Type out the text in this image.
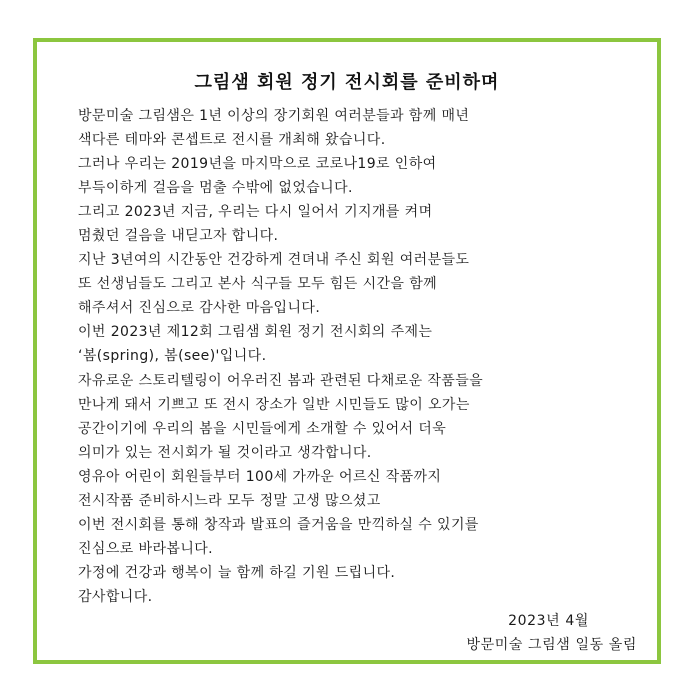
그림샘 회원 정기 전시회를 준비하며
방문미술 그림샘은 1년 이상의 장기회원 여러분들과 함께 매년
색다른 테마와 콘셉트로 전시를 개최해 왔습니다.
그러나 우리는 2019년을 마지막으로 코로나19로 인하여
부득이하게 걸음을 멈출 수밖에 없었습니다.
그리고 2023년 지금, 우리는 다시 일어서 기지개를 켜며
멈췄던 걸음을 내딛고자 합니다.
지난 3년여의 시간동안 건강하게 견뎌내 주신 회원 여러분들도
또 선생님들도 그리고 본사 식구들 모두 힘든 시간을 함께
해주셔서 진심으로 감사한 마음입니다.
이번 2023년 제12회 그림샘 회원 정기 전시회의 주제는
‘봄(spring), 봄(see)'입니다.
자유로운 스토리텔링이 어우러진 봄과 관련된 다채로운 작품들을
만나게 돼서 기쁘고 또 전시 장소가 일반 시민들도 많이 오가는
공간이기에 우리의 봄을 시민들에게 소개할 수 있어서 더욱
의미가 있는 전시회가 될 것이라고 생각합니다.
영유아 어린이 회원들부터 100세 가까운 어르신 작품까지
전시작품 준비하시느라 모두 정말 고생 많으셨고
이번 전시회를 통해 창작과 발표의 즐거움을 만끽하실 수 있기를
진심으로 바라봅니다.
가정에 건강과 행복이 늘 함께 하길 기원 드립니다.
감사합니다.

2023년 4월

방문미술 그림샘 일동 올림
